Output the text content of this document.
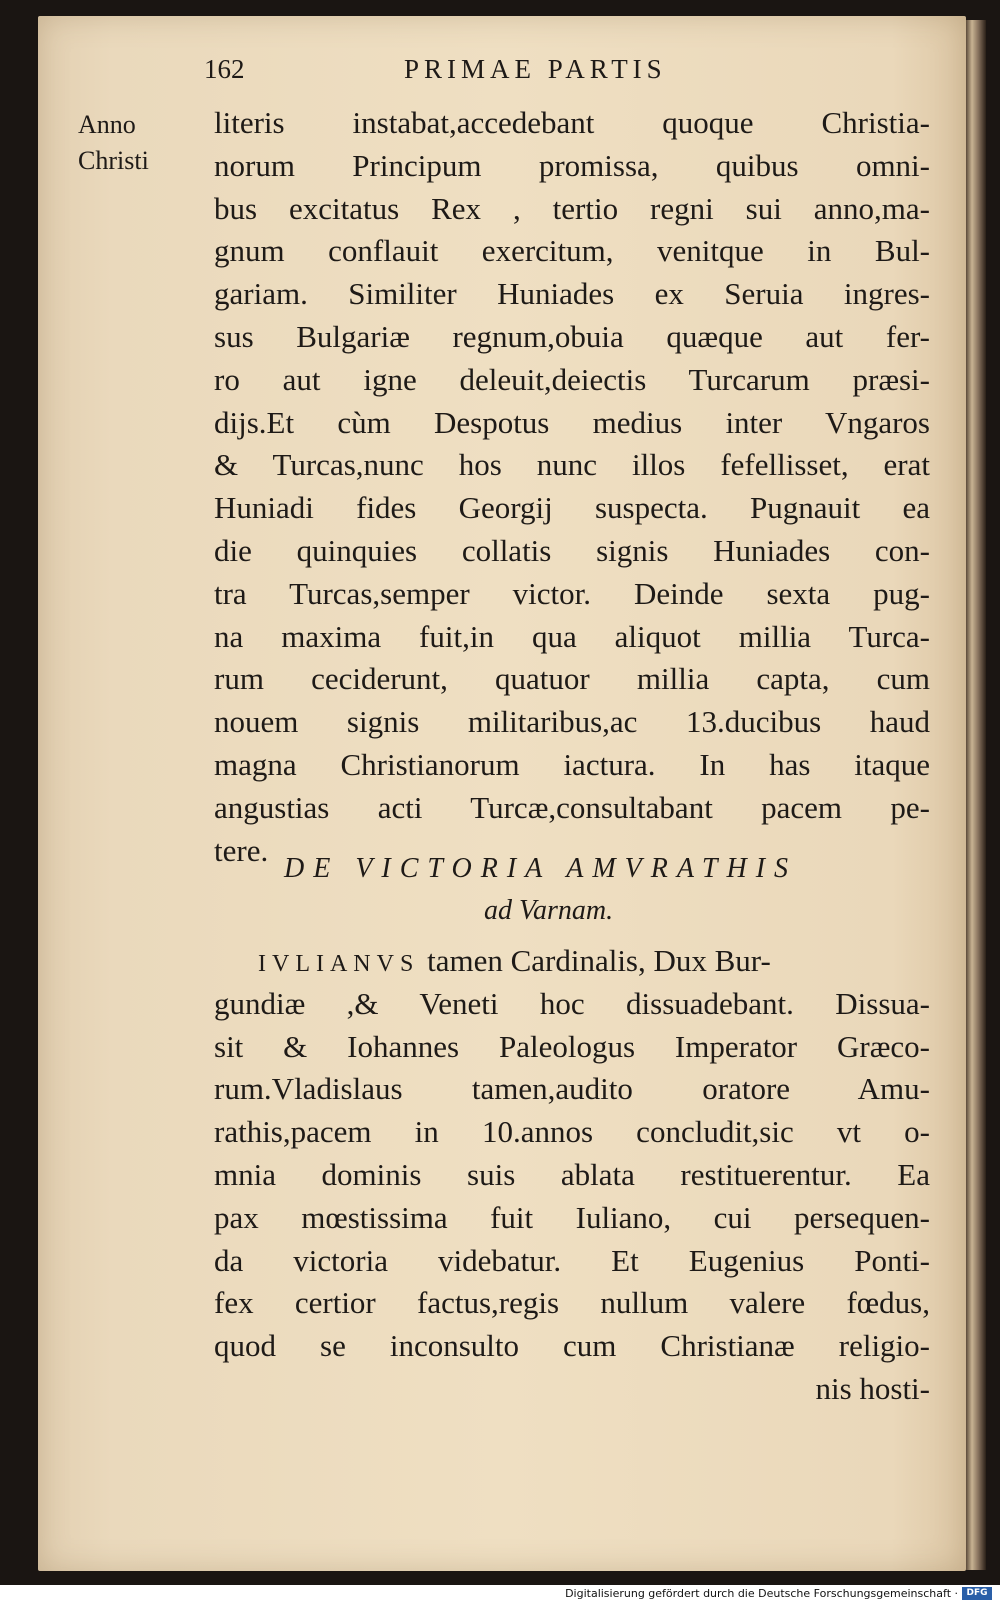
162	PRIMAE PARTIS
Anno
Christi
literis instabat,accedebant quoque Christia-
norum Principum promissa, quibus omni-
bus excitatus Rex , tertio regni sui anno,ma-
gnum conflauit exercitum, venitque in Bul-
gariam. Similiter Huniades ex Seruia ingres-
sus Bulgariæ regnum,obuia quæque aut fer-
ro aut igne deleuit,deiectis Turcarum præsi-
dijs.Et cùm Despotus medius inter Vngaros
& Turcas,nunc hos nunc illos fefellisset, erat
Huniadi fides Georgij suspecta. Pugnauit ea
die quinquies collatis signis Huniades con-
tra Turcas,semper victor. Deinde sexta pug-
na maxima fuit,in qua aliquot millia Turca-
rum ceciderunt, quatuor millia capta, cum
nouem signis militaribus,ac 13.ducibus haud
magna Christianorum iactura. In has itaque
angustias acti Turcæ,consultabant pacem pe-
tere.
DE VICTORIA AMVRATHIS
ad Varnam.
IVLIANVS tamen Cardinalis, Dux Bur-
gundiæ ,& Veneti hoc dissuadebant. Dissua-
sit & Iohannes Paleologus Imperator Græco-
rum.Vladislaus tamen,audito oratore Amu-
rathis,pacem in 10.annos concludit,sic vt o-
mnia dominis suis ablata restituerentur. Ea
pax mœstissima fuit Iuliano, cui persequen-
da victoria videbatur. Et Eugenius Ponti-
fex certior factus,regis nullum valere fœdus,
quod se inconsulto cum Christianæ religio-
nis hosti-
Digitalisierung gefördert durch die Deutsche Forschungsgemeinschaft · DFG
